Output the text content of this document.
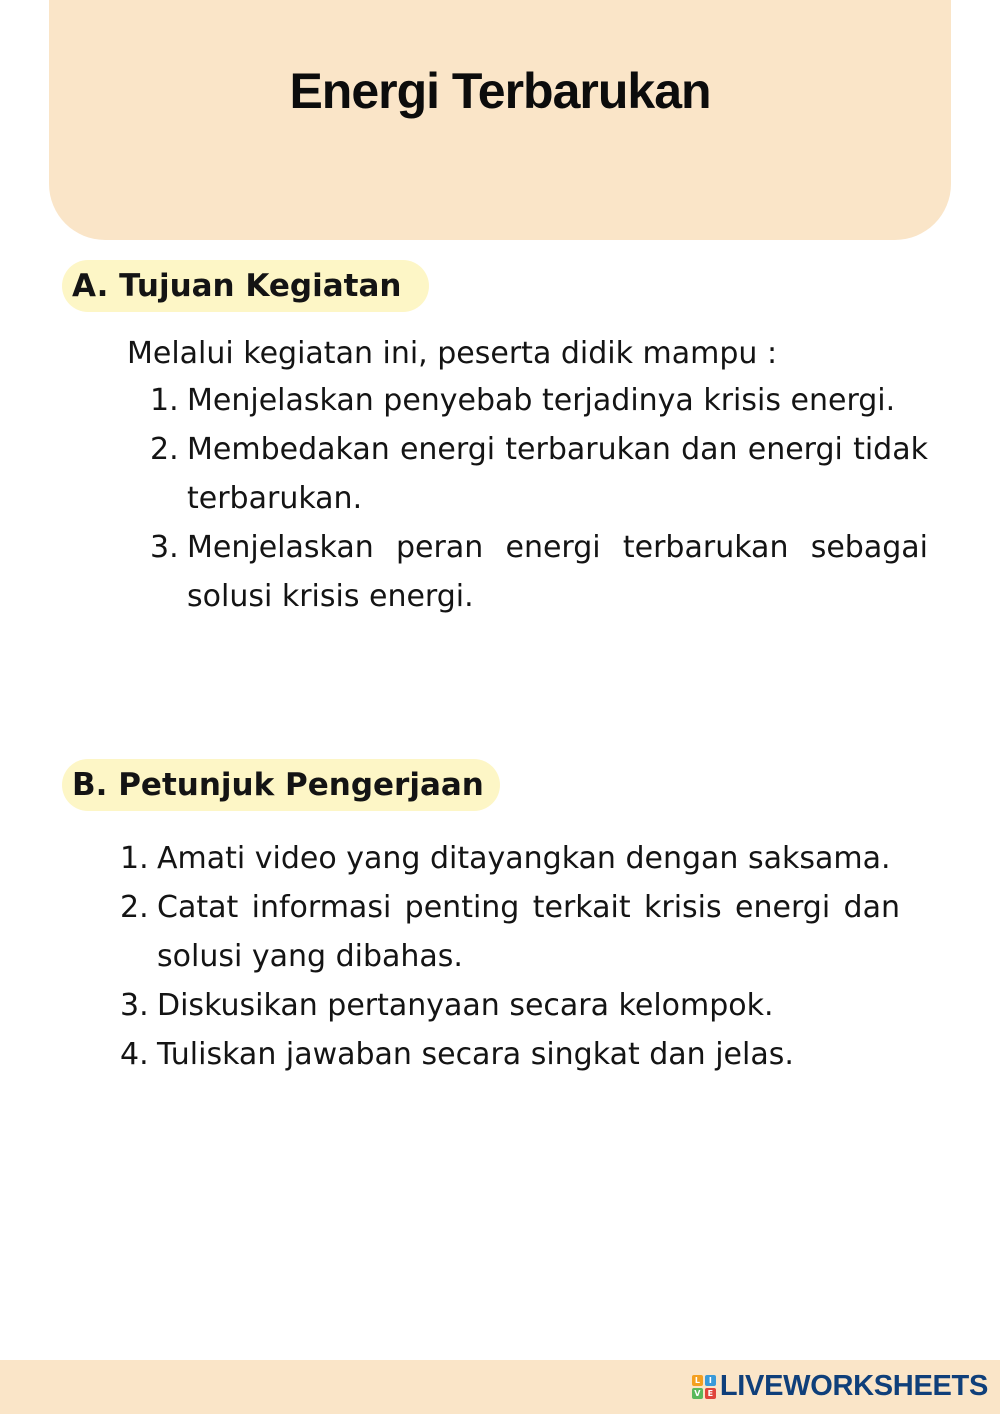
Energi Terbarukan
A. Tujuan Kegiatan

Melalui kegiatan ini, peserta didik mampu :

1. Menjelaskan penyebab terjadinya krisis energi.
2. Membedakan energi terbarukan dan energi tidak terbarukan.
3. Menjelaskan peran energi terbarukan sebagai solusi krisis energi.
B. Petunjuk Pengerjaan
1. Amati video yang ditayangkan dengan saksama.
2. Catat informasi penting terkait krisis energi dan solusi yang dibahas.
3. Diskusikan pertanyaan secara kelompok.
4. Tuliskan jawaban secara singkat dan jelas.
L	I
V E LIVEWORKSHEETS
